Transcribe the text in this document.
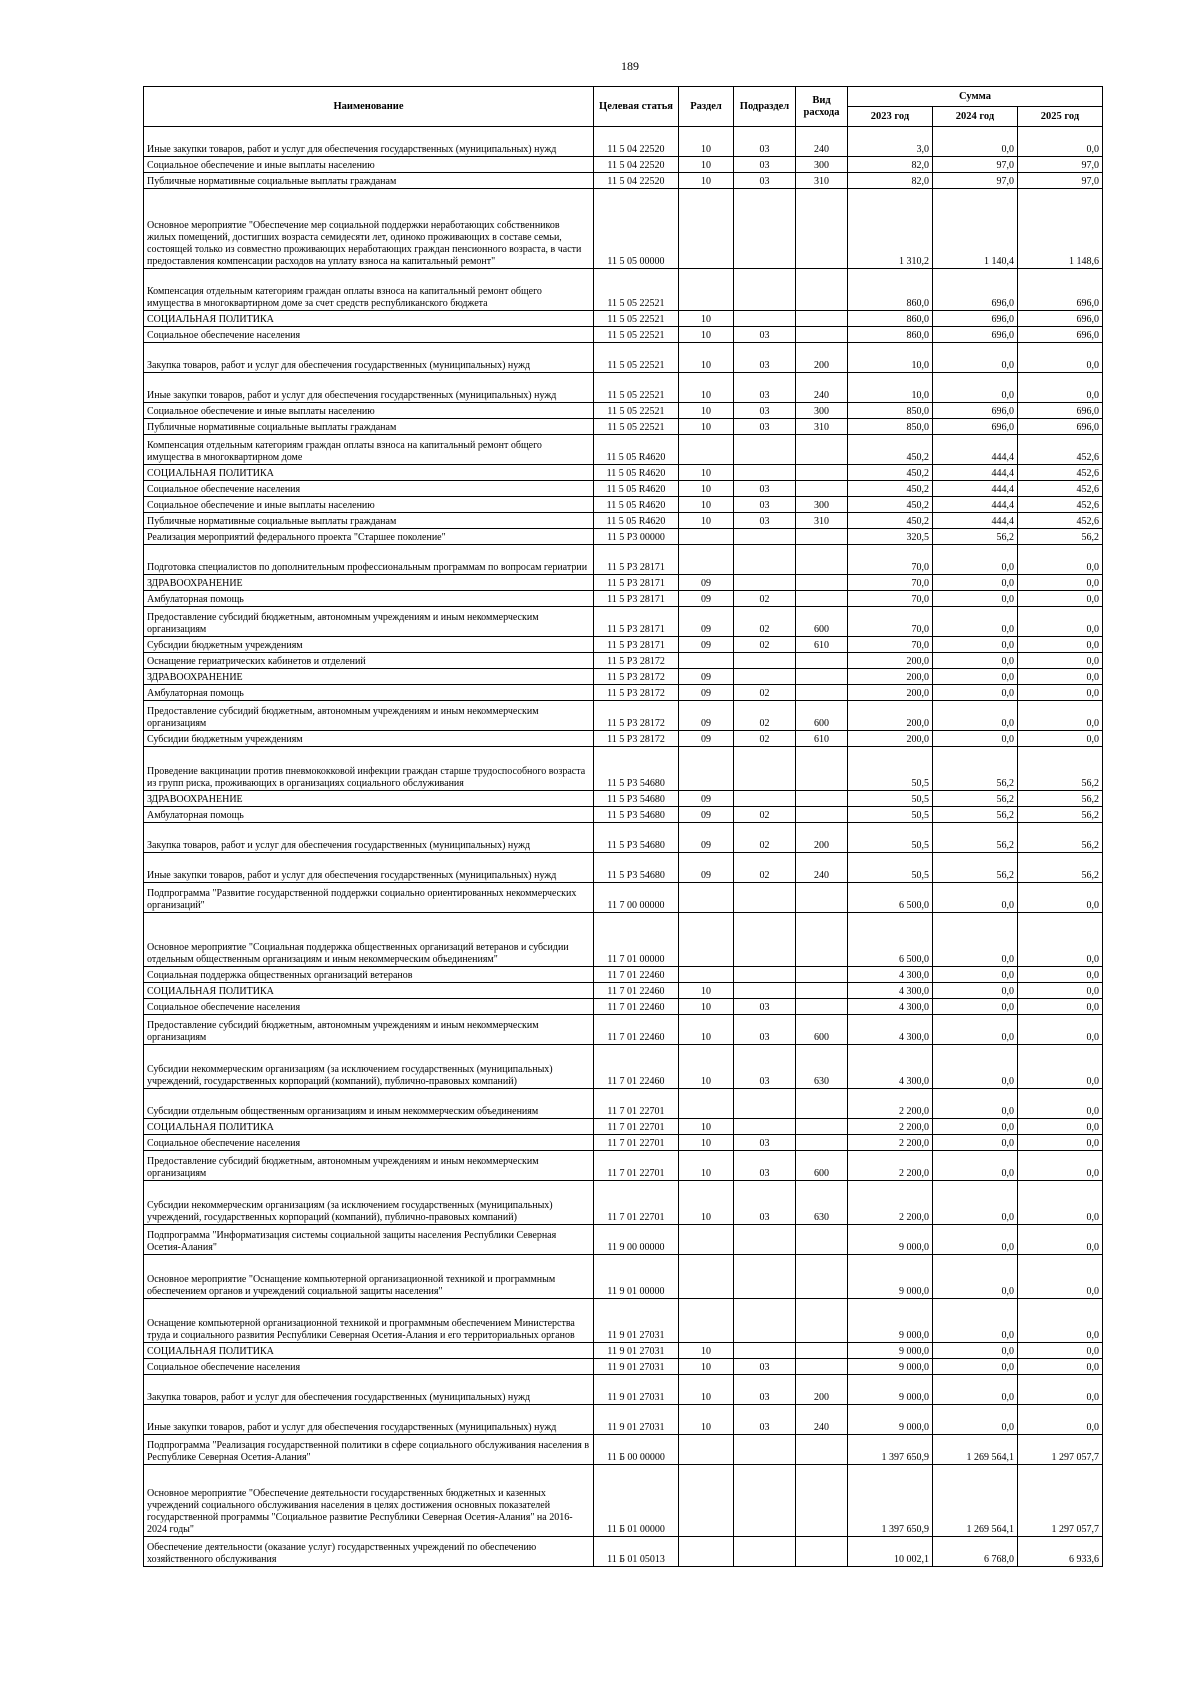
189
Наименование	Целевая статья	Раздел	Подраздел	Вид расхода	Сумма		
					2023 год	2024 год	2025 год
Иные закупки товаров, работ и услуг для обеспечения государственных (муниципальных) нужд	11 5 04 22520	10	03	240	3,0	0,0	0,0
Социальное обеспечение и иные выплаты населению	11 5 04 22520	10	03	300	82,0	97,0	97,0
Публичные нормативные социальные выплаты гражданам	11 5 04 22520	10	03	310	82,0	97,0	97,0
Основное мероприятие "Обеспечение мер социальной поддержки неработающих собственников жилых помещений, достигших возраста семидесяти лет, одиноко проживающих в составе семьи, состоящей только из совместно проживающих неработающих граждан пенсионного возраста, в части предоставления компенсации расходов на уплату взноса на капитальный ремонт"	11 5 05 00000				1 310,2	1 140,4	1 148,6
Компенсация отдельным категориям граждан оплаты взноса на капитальный ремонт общего имущества в многоквартирном доме за счет средств республиканского бюджета	11 5 05 22521				860,0	696,0	696,0
СОЦИАЛЬНАЯ ПОЛИТИКА	11 5 05 22521	10			860,0	696,0	696,0
Социальное обеспечение населения	11 5 05 22521	10	03		860,0	696,0	696,0
Закупка товаров, работ и услуг для обеспечения государственных (муниципальных) нужд	11 5 05 22521	10	03	200	10,0	0,0	0,0
Иные закупки товаров, работ и услуг для обеспечения государственных (муниципальных) нужд	11 5 05 22521	10	03	240	10,0	0,0	0,0
Социальное обеспечение и иные выплаты населению	11 5 05 22521	10	03	300	850,0	696,0	696,0
Публичные нормативные социальные выплаты гражданам	11 5 05 22521	10	03	310	850,0	696,0	696,0
Компенсация отдельным категориям граждан оплаты взноса на капитальный ремонт общего имущества в многоквартирном доме	11 5 05 R4620				450,2	444,4	452,6
СОЦИАЛЬНАЯ ПОЛИТИКА	11 5 05 R4620	10			450,2	444,4	452,6
Социальное обеспечение населения	11 5 05 R4620	10	03		450,2	444,4	452,6
Социальное обеспечение и иные выплаты населению	11 5 05 R4620	10	03	300	450,2	444,4	452,6
Публичные нормативные социальные выплаты гражданам	11 5 05 R4620	10	03	310	450,2	444,4	452,6
Реализация мероприятий федерального проекта "Старшее поколение"	11 5 P3 00000				320,5	56,2	56,2
Подготовка специалистов по дополнительным профессиональным программам по вопросам гериатрии	11 5 P3 28171				70,0	0,0	0,0
ЗДРАВООХРАНЕНИЕ	11 5 P3 28171	09			70,0	0,0	0,0
Амбулаторная помощь	11 5 P3 28171	09	02		70,0	0,0	0,0
Предоставление субсидий бюджетным, автономным учреждениям и иным некоммерческим организациям	11 5 P3 28171	09	02	600	70,0	0,0	0,0
Субсидии бюджетным учреждениям	11 5 P3 28171	09	02	610	70,0	0,0	0,0
Оснащение гериатрических кабинетов и отделений	11 5 P3 28172				200,0	0,0	0,0
ЗДРАВООХРАНЕНИЕ	11 5 P3 28172	09			200,0	0,0	0,0
Амбулаторная помощь	11 5 P3 28172	09	02		200,0	0,0	0,0
Предоставление субсидий бюджетным, автономным учреждениям и иным некоммерческим организациям	11 5 P3 28172	09	02	600	200,0	0,0	0,0
Субсидии бюджетным учреждениям	11 5 P3 28172	09	02	610	200,0	0,0	0,0
Проведение вакцинации против пневмококковой инфекции граждан старше трудоспособного возраста из групп риска, проживающих в организациях социального обслуживания	11 5 P3 54680				50,5	56,2	56,2
ЗДРАВООХРАНЕНИЕ	11 5 P3 54680	09			50,5	56,2	56,2
Амбулаторная помощь	11 5 P3 54680	09	02		50,5	56,2	56,2
Закупка товаров, работ и услуг для обеспечения государственных (муниципальных) нужд	11 5 P3 54680	09	02	200	50,5	56,2	56,2
Иные закупки товаров, работ и услуг для обеспечения государственных (муниципальных) нужд	11 5 P3 54680	09	02	240	50,5	56,2	56,2
Подпрограмма "Развитие государственной поддержки социально ориентированных некоммерческих организаций"	11 7 00 00000				6 500,0	0,0	0,0
Основное мероприятие "Социальная поддержка общественных организаций ветеранов и субсидии отдельным общественным организациям и иным некоммерческим объединениям"	11 7 01 00000				6 500,0	0,0	0,0
Социальная поддержка общественных организаций ветеранов	11 7 01 22460				4 300,0	0,0	0,0
СОЦИАЛЬНАЯ ПОЛИТИКА	11 7 01 22460	10			4 300,0	0,0	0,0
Социальное обеспечение населения	11 7 01 22460	10	03		4 300,0	0,0	0,0
Предоставление субсидий бюджетным, автономным учреждениям и иным некоммерческим организациям	11 7 01 22460	10	03	600	4 300,0	0,0	0,0
Субсидии некоммерческим организациям (за исключением государственных (муниципальных) учреждений, государственных корпораций (компаний), публично-правовых компаний)	11 7 01 22460	10	03	630	4 300,0	0,0	0,0
Субсидии отдельным общественным организациям и иным некоммерческим объединениям	11 7 01 22701				2 200,0	0,0	0,0
СОЦИАЛЬНАЯ ПОЛИТИКА	11 7 01 22701	10			2 200,0	0,0	0,0
Социальное обеспечение населения	11 7 01 22701	10	03		2 200,0	0,0	0,0
Предоставление субсидий бюджетным, автономным учреждениям и иным некоммерческим организациям	11 7 01 22701	10	03	600	2 200,0	0,0	0,0
Субсидии некоммерческим организациям (за исключением государственных (муниципальных) учреждений, государственных корпораций (компаний), публично-правовых компаний)	11 7 01 22701	10	03	630	2 200,0	0,0	0,0
Подпрограмма "Информатизация системы социальной защиты населения Республики Северная Осетия-Алания"	11 9 00 00000				9 000,0	0,0	0,0
Основное мероприятие "Оснащение компьютерной организационной техникой и программным обеспечением органов и учреждений социальной защиты населения"	11 9 01 00000				9 000,0	0,0	0,0
Оснащение компьютерной организационной техникой и программным обеспечением Министерства труда и социального развития Республики Северная Осетия-Алания и его территориальных органов	11 9 01 27031				9 000,0	0,0	0,0
СОЦИАЛЬНАЯ ПОЛИТИКА	11 9 01 27031	10			9 000,0	0,0	0,0
Социальное обеспечение населения	11 9 01 27031	10	03		9 000,0	0,0	0,0
Закупка товаров, работ и услуг для обеспечения государственных (муниципальных) нужд	11 9 01 27031	10	03	200	9 000,0	0,0	0,0
Иные закупки товаров, работ и услуг для обеспечения государственных (муниципальных) нужд	11 9 01 27031	10	03	240	9 000,0	0,0	0,0
Подпрограмма "Реализация государственной политики в сфере социального обслуживания населения в Республике Северная Осетия-Алания"	11 Б 00 00000				1 397 650,9	1 269 564,1	1 297 057,7
Основное мероприятие "Обеспечение деятельности государственных бюджетных и казенных учреждений социального обслуживания населения в целях достижения основных показателей государственной программы "Социальное развитие Республики Северная Осетия-Алания" на 2016-2024 годы"	11 Б 01 00000				1 397 650,9	1 269 564,1	1 297 057,7
Обеспечение деятельности (оказание услуг) государственных учреждений по обеспечению хозяйственного обслуживания	11 Б 01 05013				10 002,1	6 768,0	6 933,6
